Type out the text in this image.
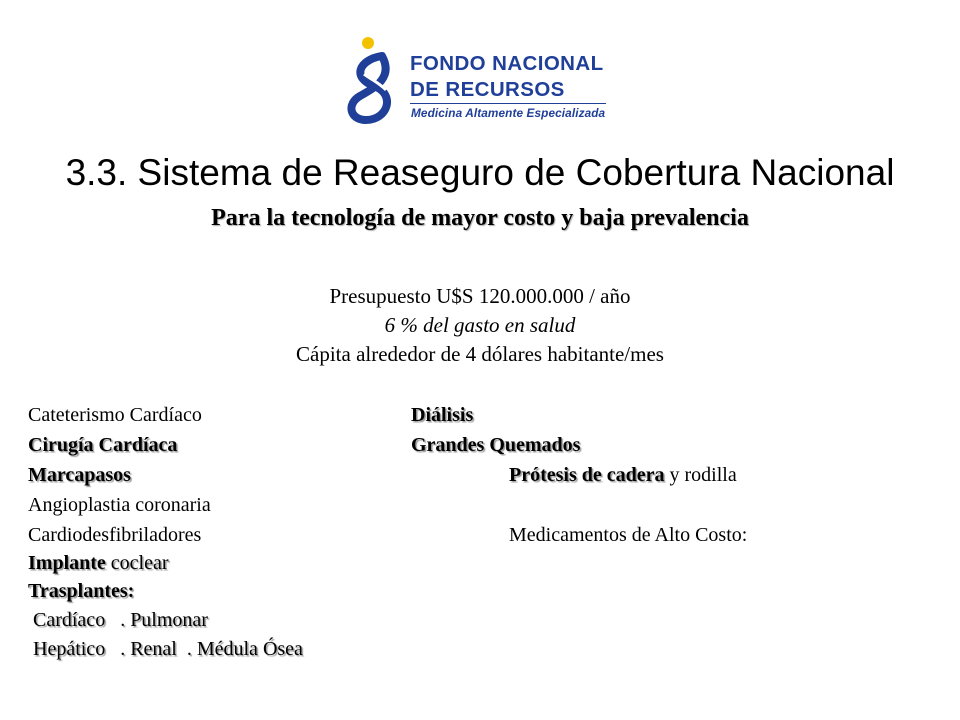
FONDO NACIONAL
DE RECURSOS
Medicina Altamente Especializada
3.3. Sistema de Reaseguro de Cobertura Nacional
Para la tecnología de mayor costo y baja prevalencia
Presupuesto U$S 120.000.000 / año
6 % del gasto en salud
Cápita alrededor de 4 dólares habitante/mes
Cateterismo Cardíaco
Cirugía Cardíaca
Marcapasos
Angioplastia coronaria
Cardiodesfibriladores
Implante coclear
Trasplantes:
Cardíaco   . Pulmonar
Hepático   . Renal  . Médula Ósea
Diálisis
Grandes Quemados
Prótesis de cadera y rodilla
Medicamentos de Alto Costo:
